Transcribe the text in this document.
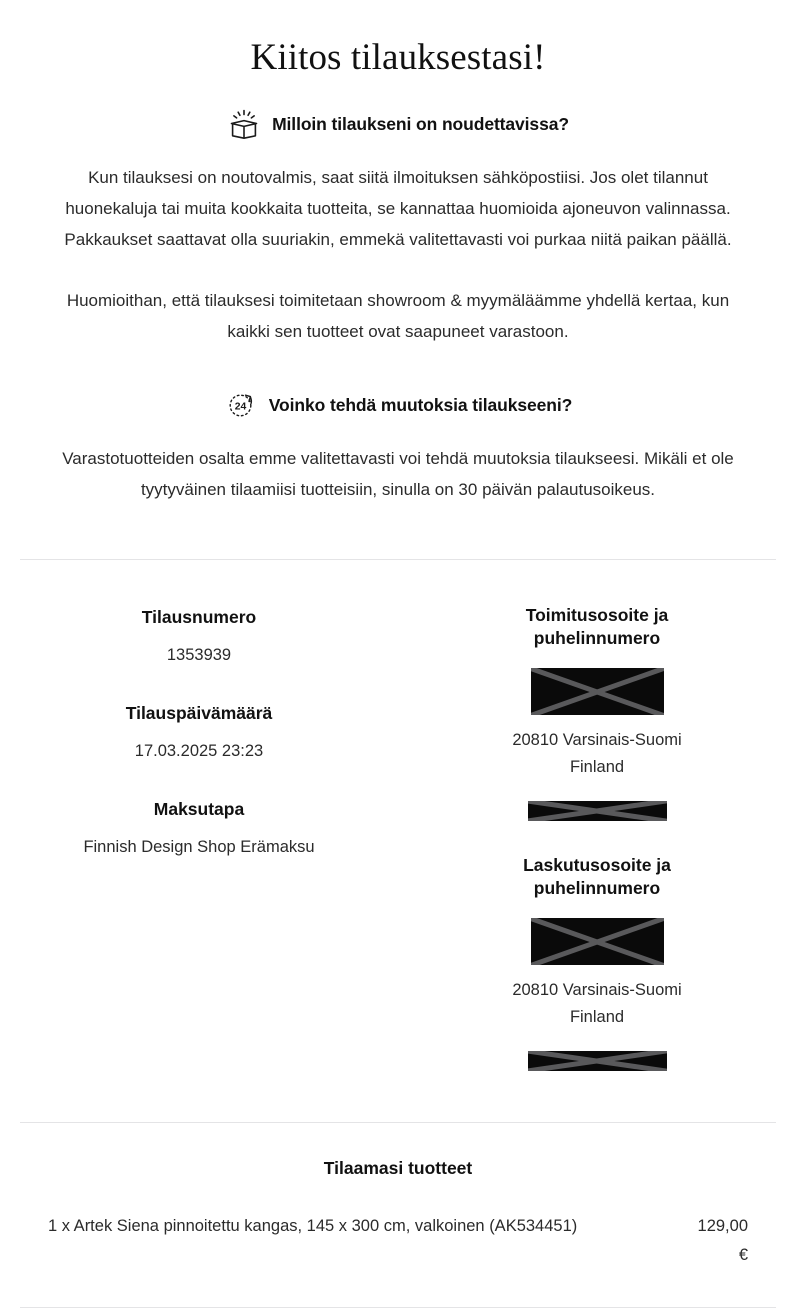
Kiitos tilauksestasi!
Milloin tilaukseni on noudettavissa?

Kun tilauksesi on noutovalmis, saat siitä ilmoituksen sähköpostiisi. Jos olet tilannut huonekaluja tai muita kookkaita tuotteita, se kannattaa huomioida ajoneuvon valinnassa. Pakkaukset saattavat olla suuriakin, emmekä valitettavasti voi purkaa niitä paikan päällä.

Huomioithan, että tilauksesi toimitetaan showroom & myymäläämme yhdellä kertaa, kun kaikki sen tuotteet ovat saapuneet varastoon.

24 Voinko tehdä muutoksia tilaukseeni?

Varastotuotteiden osalta emme valitettavasti voi tehdä muutoksia tilaukseesi. Mikäli et ole tyytyväinen tilaamiisi tuotteisiin, sinulla on 30 päivän palautusoikeus.

Tilausnumero

1353939

Tilauspäivämäärä

17.03.2025 23:23

Maksutapa

Finnish Design Shop Erämaksu

Toimitusosoite ja puhelinnumero

20810 Varsinais-Suomi

Finland

Laskutusosoite ja puhelinnumero

20810 Varsinais-Suomi

Finland

Tilaamasi tuotteet

1 x Artek Siena pinnoitettu kangas, 145 x 300 cm, valkoinen (AK534451)	129,00 €
